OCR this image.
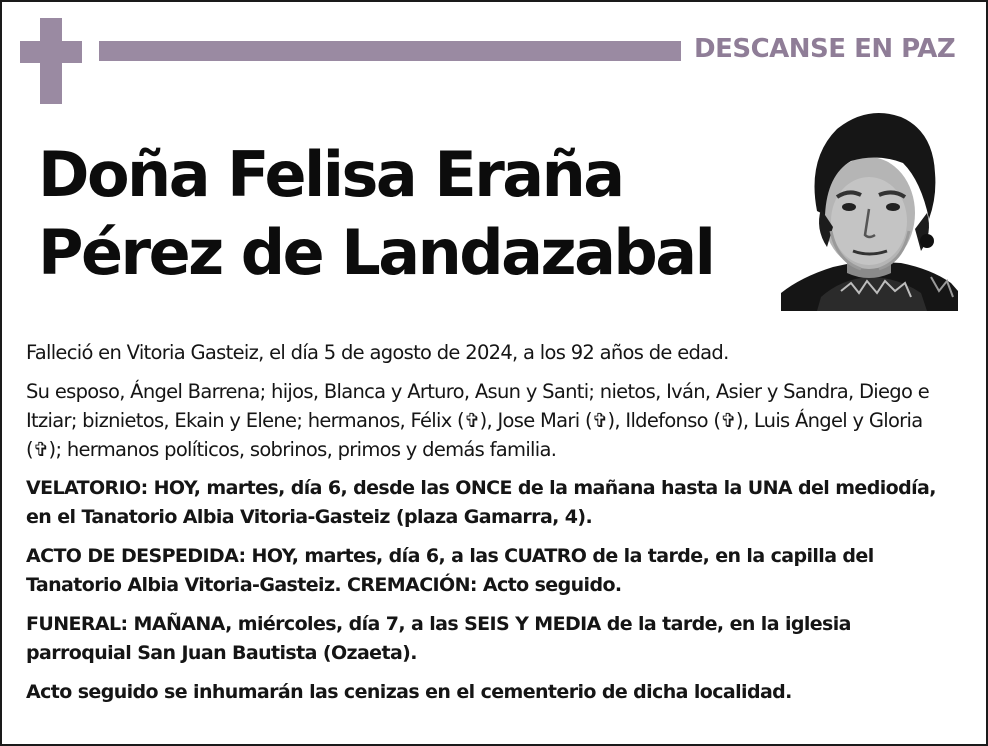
DESCANSE EN PAZ
Doña Felisa Eraña
Pérez de Landazabal

Falleció en Vitoria Gasteiz, el día 5 de agosto de 2024, a los 92 años de edad.

Su esposo, Ángel Barrena; hijos, Blanca y Arturo, Asun y Santi; nietos, Iván, Asier y Sandra, Diego e Itziar; biznietos, Ekain y Elene; hermanos, Félix (✞), Jose Mari (✞), Ildefonso (✞), Luis Ángel y Gloria (✞); hermanos políticos, sobrinos, primos y demás familia.

VELATORIO: HOY, martes, día 6, desde las ONCE de la mañana hasta la UNA del mediodía, en el Tanatorio Albia Vitoria-Gasteiz (plaza Gamarra, 4).

ACTO DE DESPEDIDA: HOY, martes, día 6, a las CUATRO de la tarde, en la capilla del Tanatorio Albia Vitoria-Gasteiz. CREMACIÓN: Acto seguido.

FUNERAL: MAÑANA, miércoles, día 7, a las SEIS Y MEDIA de la tarde, en la iglesia parroquial San Juan Bautista (Ozaeta).

Acto seguido se inhumarán las cenizas en el cementerio de dicha localidad.
